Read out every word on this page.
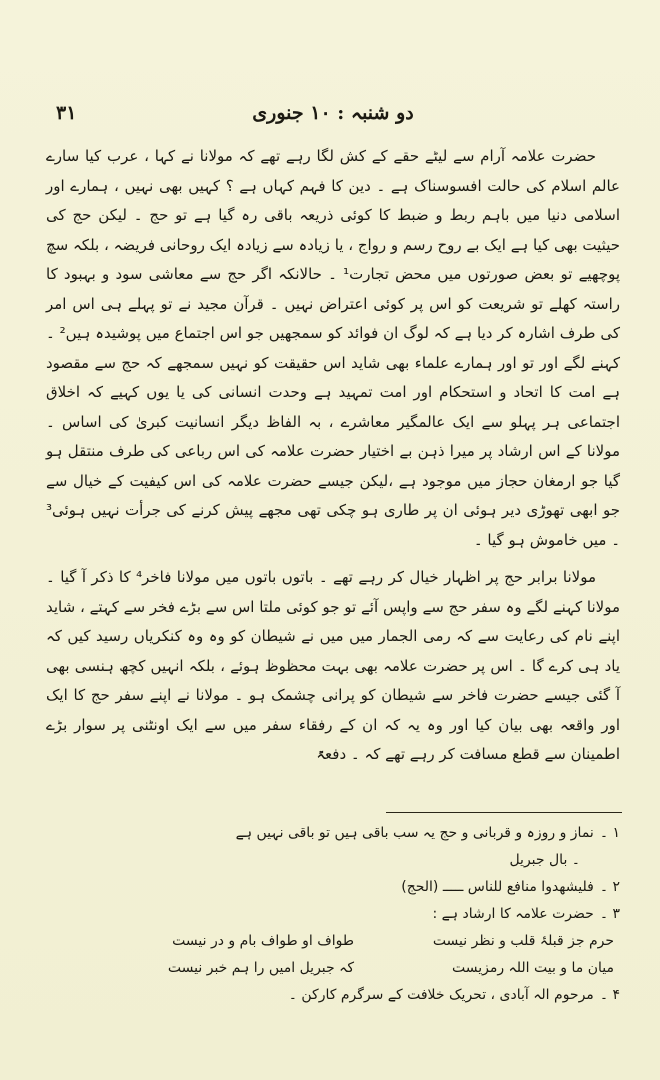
۳۱	دو شنبہ : ۱۰ جنوری

حضرت علامہ آرام سے لیٹے حقے کے کش لگا رہے تھے کہ مولانا نے کہا ، عرب کیا سارے عالم اسلام کی حالت افسوسناک ہے ۔ دین کا فہم کہاں ہے ؟ کہیں بھی نہیں ، ہمارے اور اسلامی دنیا میں باہم ربط و ضبط کا کوئی ذریعہ باقی رہ گیا ہے تو حج ۔ لیکن حج کی حیثیت بھی کیا ہے ایک بے روح رسم و رواج ، یا زیادہ سے زیادہ ایک روحانی فریضہ ، بلکہ سچ پوچھیے تو بعض صورتوں میں محض تجارت¹ ۔ حالانکہ اگر حج سے معاشی سود و بہبود کا راستہ کھلے تو شریعت کو اس پر کوئی اعتراض نہیں ۔ قرآن مجید نے تو پہلے ہی اس امر کی طرف اشارہ کر دیا ہے کہ لوگ ان فوائد کو سمجھیں جو اس اجتماع میں پوشیدہ ہیں² ۔ کہنے لگے اور تو اور ہمارے علماء بھی شاید اس حقیقت کو نہیں سمجھے کہ حج سے مقصود ہے امت کا اتحاد و استحکام اور امت تمہید ہے وحدت انسانی کی یا یوں کہیے کہ اخلاق اجتماعی ہر پہلو سے ایک عالمگیر معاشرے ، بہ الفاظ دیگر انسانیت کبریٰ کی اساس ۔ مولانا کے اس ارشاد پر میرا ذہن بے اختیار حضرت علامہ کی اس رباعی کی طرف منتقل ہو گیا جو ارمغان حجاز میں موجود ہے ،لیکن جیسے حضرت علامہ کی اس کیفیت کے خیال سے جو ابھی تھوڑی دیر ہوئی ان پر طاری ہو چکی تھی مجھے پیش کرنے کی جرأت نہیں ہوئی³ ۔ میں خاموش ہو گیا ۔

مولانا برابر حج پر اظہار خیال کر رہے تھے ۔ باتوں باتوں میں مولانا فاخر⁴ کا ذکر آ گیا ۔ مولانا کہنے لگے وہ سفر حج سے واپس آئے تو جو کوئی ملتا اس سے بڑے فخر سے کہتے ، شاید اپنے نام کی رعایت سے کہ رمی الجمار میں میں نے شیطان کو وہ وہ کنکریاں رسید کیں کہ یاد ہی کرے گا ۔ اس پر حضرت علامہ بھی بہت محظوظ ہوئے ، بلکہ انہیں کچھ ہنسی بھی آ گئی جیسے حضرت فاخر سے شیطان کو پرانی چشمک ہو ۔ مولانا نے اپنے سفر حج کا ایک اور واقعہ بھی بیان کیا اور وہ یہ کہ ان کے رفقاء سفر میں سے ایک اونٹنی پر سوار بڑے اطمینان سے قطع مسافت کر رہے تھے کہ ۔ دفعۃً

۱ ۔
نماز و روزہ و قربانی و حج یہ سب باقی ہیں تو باقی نہیں ہے
۔ بال جبریل
۲ ۔
فليشهدوا منافع للناس ـــــ (الحج)
۳ ۔
حضرت علامہ کا ارشاد ہے :
حرم جز قبلۂ قلب و نظر نیست
طواف او طواف بام و در نیست
میان ما و بیت اللہ رمزیست
کہ جبریل امیں را ہم خبر نیست
۴ ۔
مرحوم الہ آبادی ، تحریک خلافت کے سرگرم کارکن ۔
